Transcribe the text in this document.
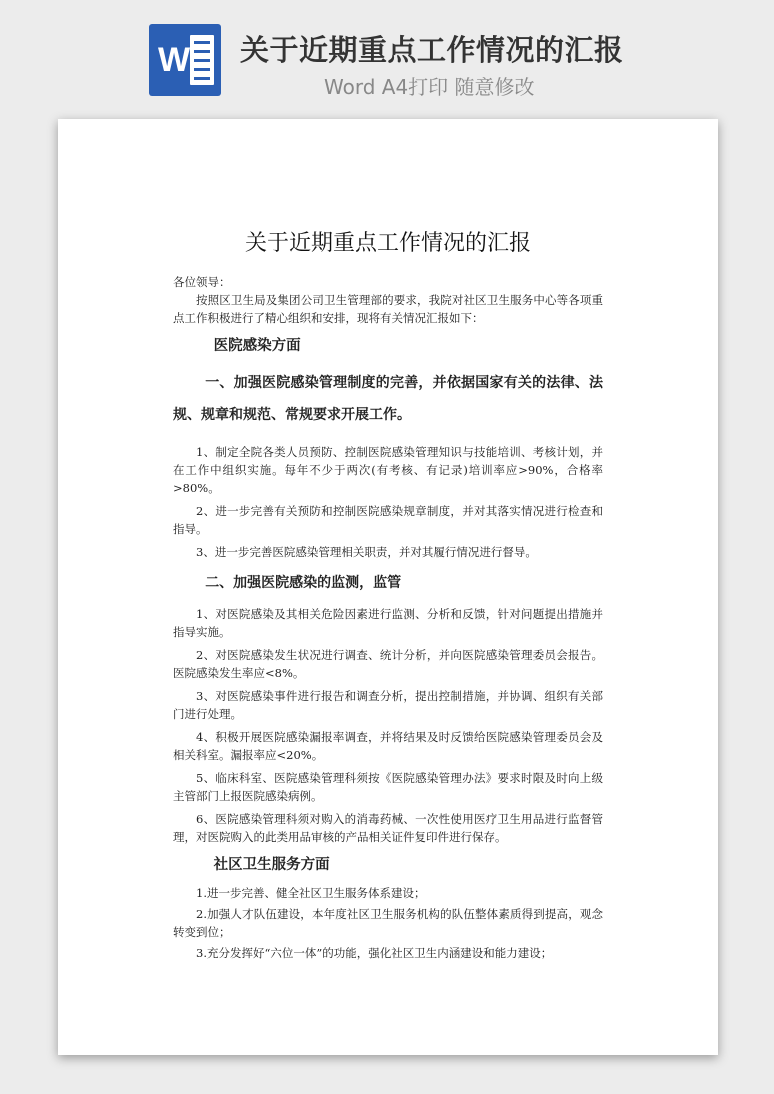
W 关于近期重点工作情况的汇报
Word A4打印 随意修改
关于近期重点工作情况的汇报

各位领导：

按照区卫生局及集团公司卫生管理部的要求，我院对社区卫生服务中心等各项重点工作积极进行了精心组织和安排，现将有关情况汇报如下：

医院感染方面

一、加强医院感染管理制度的完善，并依据国家有关的法律、法规、规章和规范、常规要求开展工作。

1、制定全院各类人员预防、控制医院感染管理知识与技能培训、考核计划，并在工作中组织实施。每年不少于两次(有考核、有记录)培训率应>90%，合格率>80%。

2、进一步完善有关预防和控制医院感染规章制度，并对其落实情况进行检查和指导。

3、进一步完善医院感染管理相关职责，并对其履行情况进行督导。

二、加强医院感染的监测，监管

1、对医院感染及其相关危险因素进行监测、分析和反馈，针对问题提出措施并指导实施。

2、对医院感染发生状况进行调查、统计分析，并向医院感染管理委员会报告。医院感染发生率应<8%。

3、对医院感染事件进行报告和调查分析，提出控制措施，并协调、组织有关部门进行处理。

4、积极开展医院感染漏报率调查，并将结果及时反馈给医院感染管理委员会及相关科室。漏报率应<20%。

5、临床科室、医院感染管理科须按《医院感染管理办法》要求时限及时向上级主管部门上报医院感染病例。

6、医院感染管理科须对购入的消毒药械、一次性使用医疗卫生用品进行监督管理，对医院购入的此类用品审核的产品相关证件复印件进行保存。

社区卫生服务方面

1.进一步完善、健全社区卫生服务体系建设；

2.加强人才队伍建设，本年度社区卫生服务机构的队伍整体素质得到提高，观念转变到位；

3.充分发挥好“六位一体”的功能，强化社区卫生内涵建设和能力建设；
